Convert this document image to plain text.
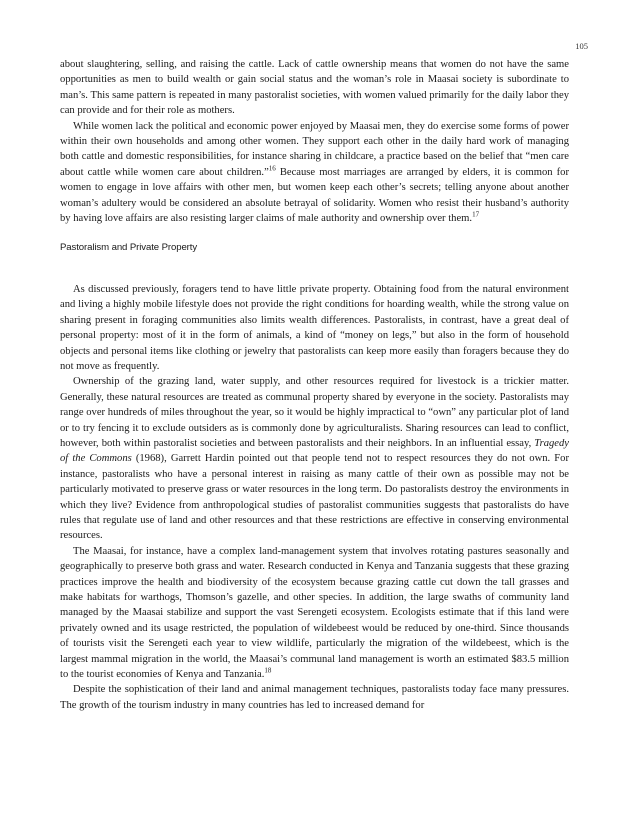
105

about slaughtering, selling, and raising the cattle. Lack of cattle ownership means that women do not have the same opportunities as men to build wealth or gain social status and the woman’s role in Maasai society is subordinate to man’s. This same pattern is repeated in many pastoralist societies, with women valued primarily for the daily labor they can provide and for their role as mothers.

While women lack the political and economic power enjoyed by Maasai men, they do exercise some forms of power within their own households and among other women. They support each other in the daily hard work of managing both cattle and domestic responsibilities, for instance sharing in childcare, a practice based on the belief that “men care about cattle while women care about children.”$^{16}$ Because most marriages are arranged by elders, it is common for women to engage in love affairs with other men, but women keep each other’s secrets; telling anyone about another woman’s adultery would be considered an absolute betrayal of solidarity. Women who resist their husband’s authority by having love affairs are also resisting larger claims of male authority and ownership over them.$^{17}$

Pastoralism and Private Property

As discussed previously, foragers tend to have little private property. Obtaining food from the natural environment and living a highly mobile lifestyle does not provide the right conditions for hoarding wealth, while the strong value on sharing present in foraging communities also limits wealth differences. Pastoralists, in contrast, have a great deal of personal property: most of it in the form of animals, a kind of “money on legs,” but also in the form of household objects and personal items like clothing or jewelry that pastoralists can keep more easily than foragers because they do not move as frequently.

Ownership of the grazing land, water supply, and other resources required for livestock is a trickier matter. Generally, these natural resources are treated as communal property shared by everyone in the society. Pastoralists may range over hundreds of miles throughout the year, so it would be highly impractical to “own” any particular plot of land or to try fencing it to exclude outsiders as is commonly done by agriculturalists. Sharing resources can lead to conflict, however, both within pastoralist societies and between pastoralists and their neighbors. In an influential essay, Tragedy of the Commons (1968), Garrett Hardin pointed out that people tend not to respect resources they do not own. For instance, pastoralists who have a personal interest in raising as many cattle of their own as possible may not be particularly motivated to preserve grass or water resources in the long term. Do pastoralists destroy the environments in which they live? Evidence from anthropological studies of pastoralist communities suggests that pastoralists do have rules that regulate use of land and other resources and that these restrictions are effective in conserving environmental resources.

The Maasai, for instance, have a complex land-management system that involves rotating pastures seasonally and geographically to preserve both grass and water. Research conducted in Kenya and Tanzania suggests that these grazing practices improve the health and biodiversity of the ecosystem because grazing cattle cut down the tall grasses and make habitats for warthogs, Thomson’s gazelle, and other species. In addition, the large swaths of community land managed by the Maasai stabilize and support the vast Serengeti ecosystem. Ecologists estimate that if this land were privately owned and its usage restricted, the population of wildebeest would be reduced by one-third. Since thousands of tourists visit the Serengeti each year to view wildlife, particularly the migration of the wildebeest, which is the largest mammal migration in the world, the Maasai’s communal land management is worth an estimated $83.5 million to the tourist economies of Kenya and Tanzania.$^{18}$

Despite the sophistication of their land and animal management techniques, pastoralists today face many pressures. The growth of the tourism industry in many countries has led to increased demand for
